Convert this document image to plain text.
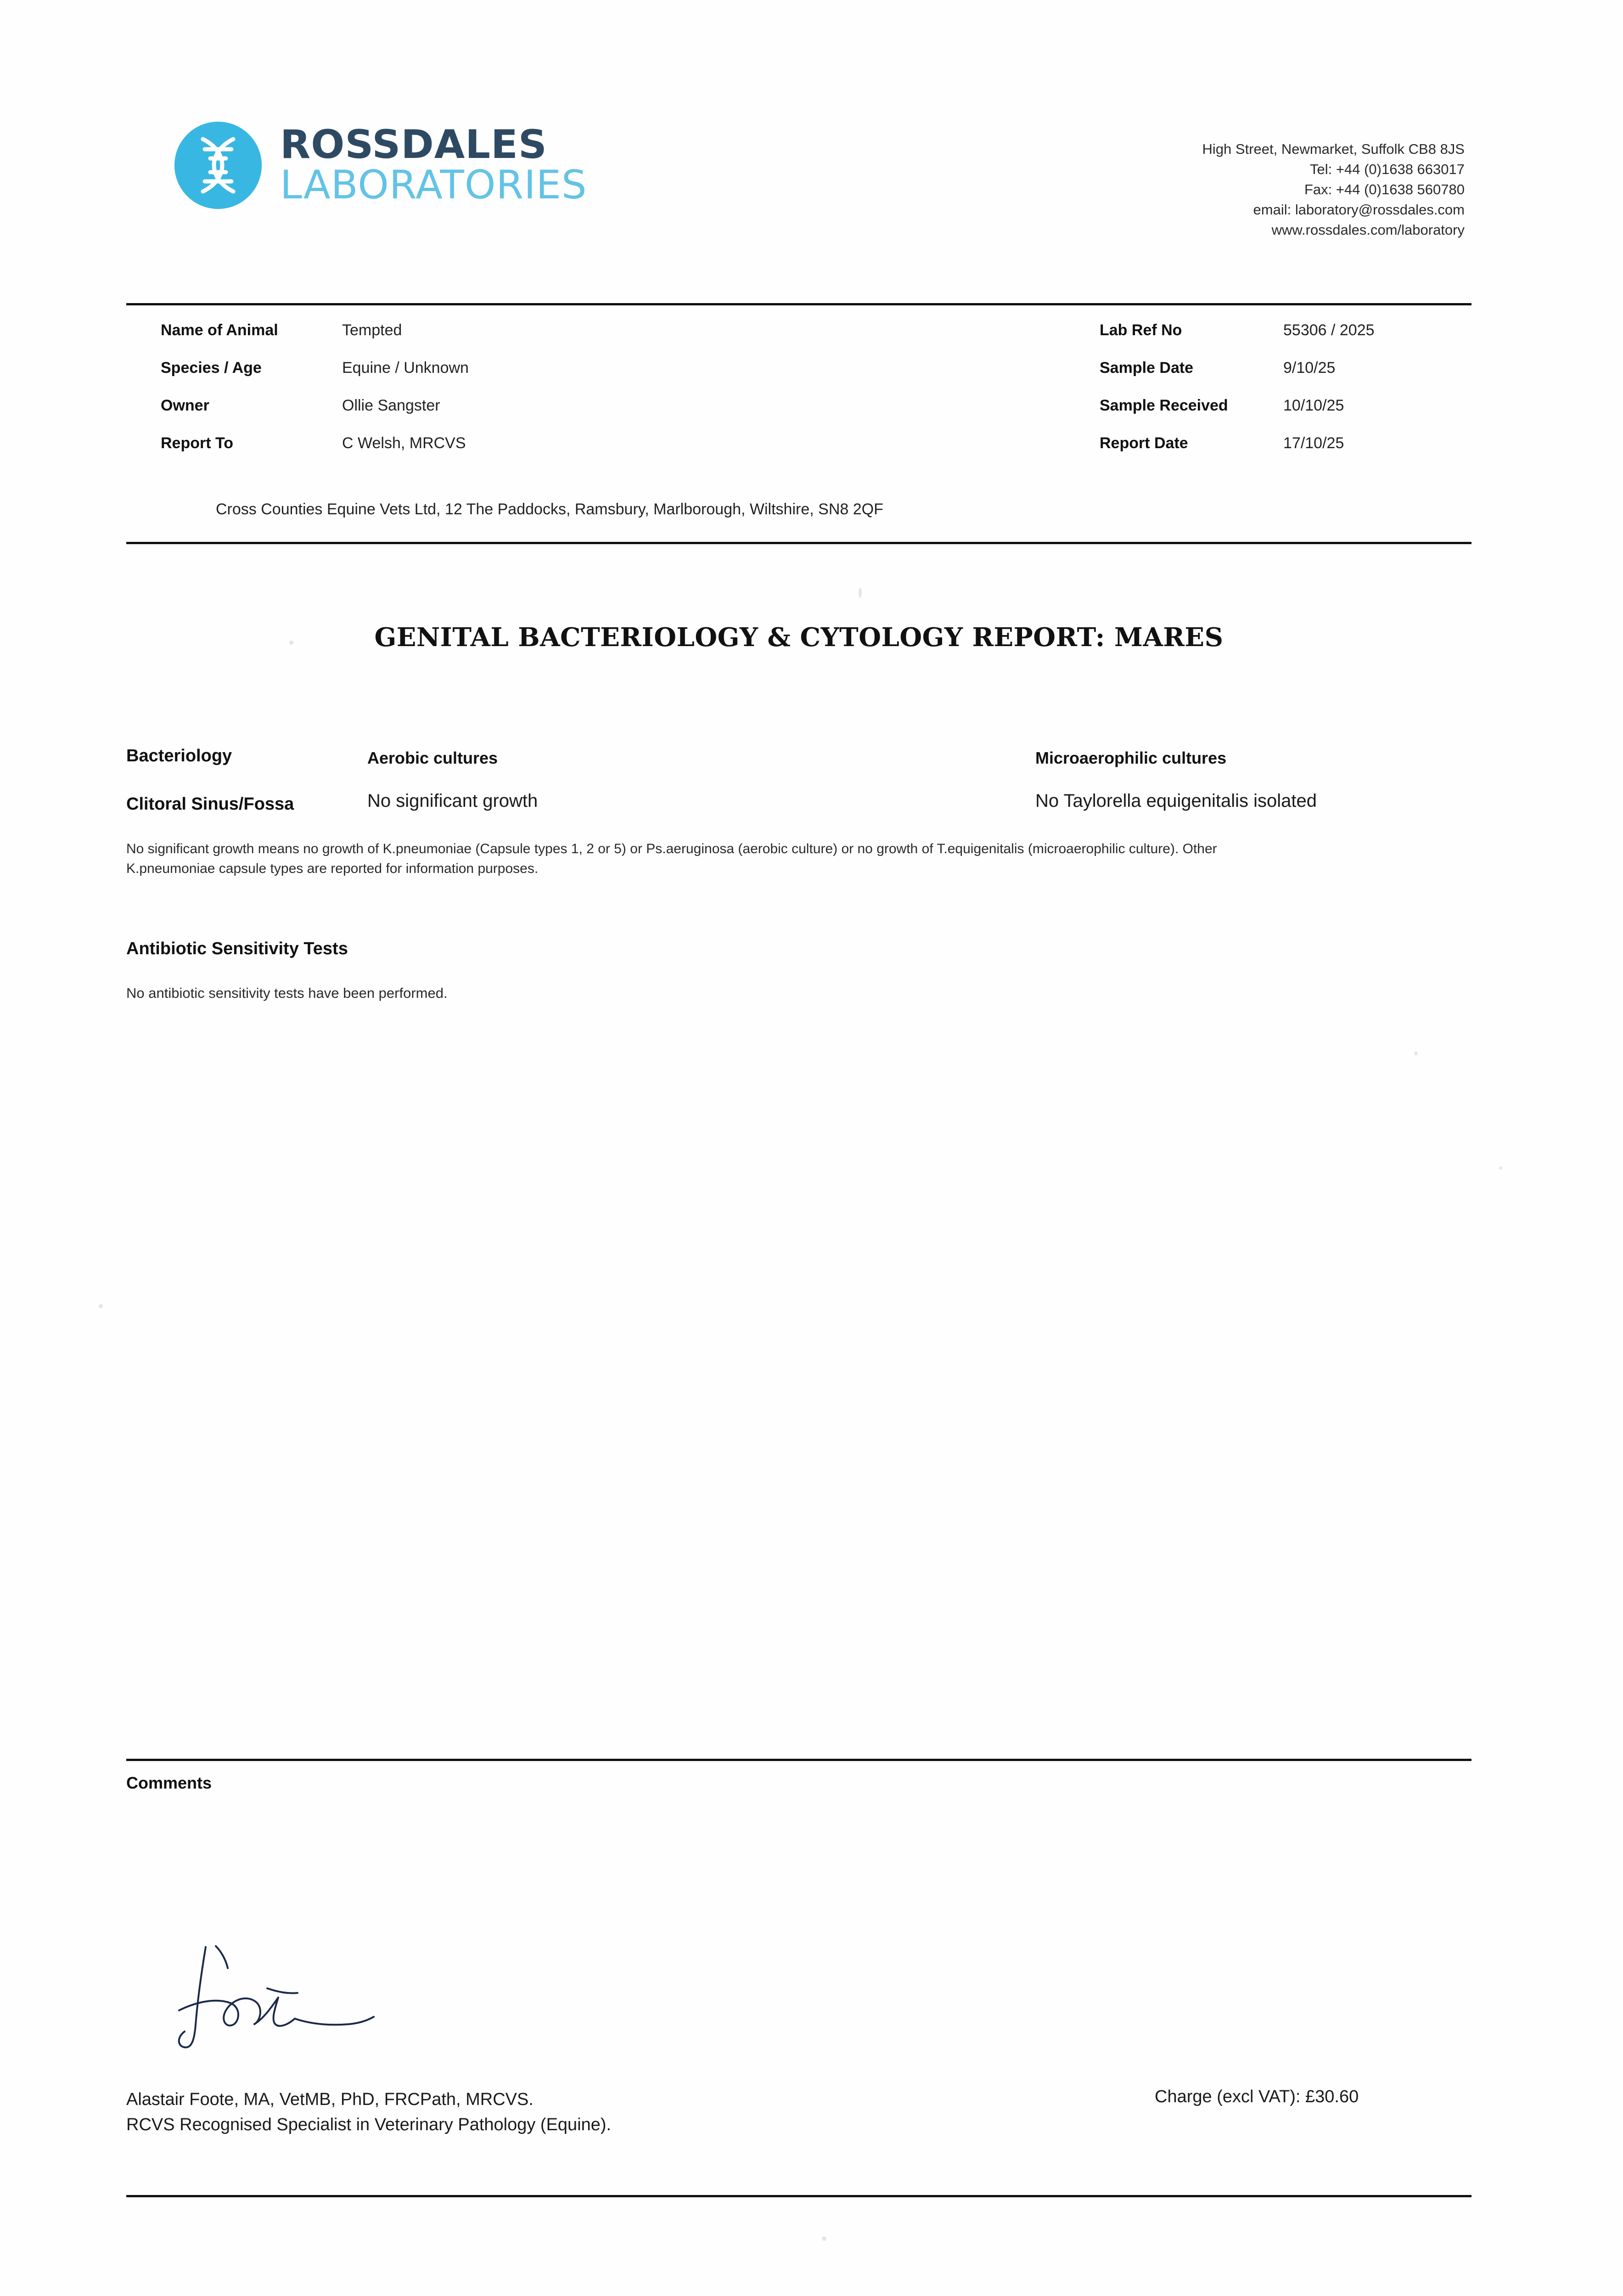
ROSSDALES
LABORATORIES
High Street, Newmarket, Suffolk CB8 8JS
Tel: +44 (0)1638 663017
Fax: +44 (0)1638 560780
email: laboratory@rossdales.com
www.rossdales.com/laboratory
Name of Animal	Tempted	Lab Ref No	55306 / 2025
Species / Age	Equine / Unknown	Sample Date	9/10/25
Owner	Ollie Sangster	Sample Received	10/10/25
Report To	C Welsh, MRCVS	Report Date	17/10/25
Cross Counties Equine Vets Ltd, 12 The Paddocks, Ramsbury, Marlborough, Wiltshire, SN8 2QF
GENITAL BACTERIOLOGY & CYTOLOGY REPORT: MARES
Bacteriology	Aerobic cultures	Microaerophilic cultures
Clitoral Sinus/Fossa	No significant growth	No Taylorella equigenitalis isolated
No significant growth means no growth of K.pneumoniae (Capsule types 1, 2 or 5) or Ps.aeruginosa (aerobic culture) or no growth of T.equigenitalis (microaerophilic culture). Other K.pneumoniae capsule types are reported for information purposes.
Antibiotic Sensitivity Tests
No antibiotic sensitivity tests have been performed.
Comments
Alastair Foote, MA, VetMB, PhD, FRCPath, MRCVS.
RCVS Recognised Specialist in Veterinary Pathology (Equine).
Charge (excl VAT): £30.60
